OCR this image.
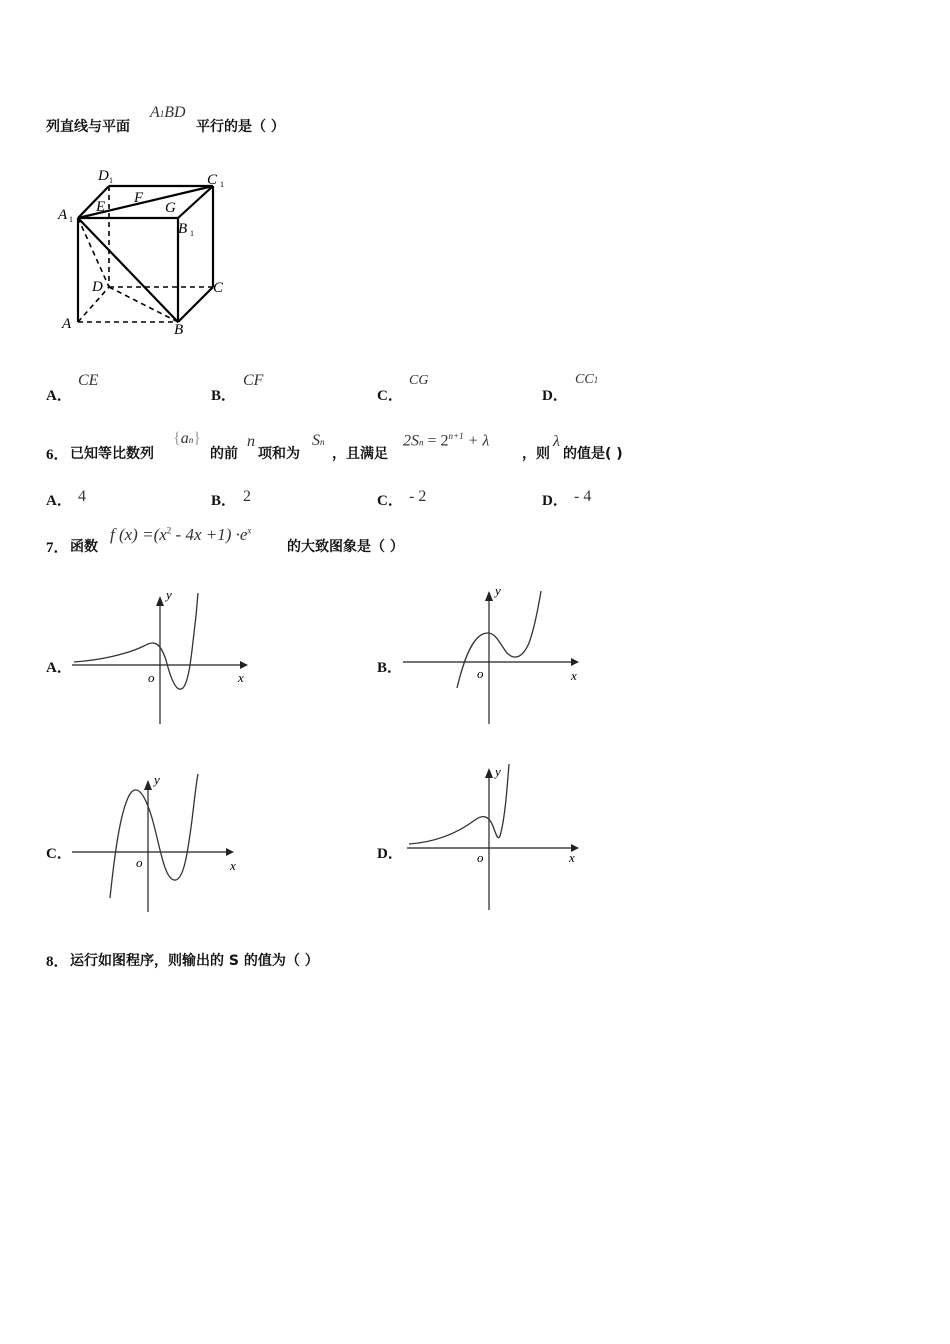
列直线与平面
A1BD
平行的是（ ）
D 1	C 1
A 1
B 1
E
F
G
D	C
A	B
A．
CE
B．
CF
C．
CG
D．
CC1
6． 已知等比数列
{an}
的前
n
项和为
Sn
，且满足
$2Sn = 2^{n+1} + \lambda$
，则
λ
的值是( )
A． 4	B． 2	C． - 2	D． - 4
7． 函数
f $(x) =(x^2 - 4x +1) \cdot e^x$
的大致图象是（ ）
A．
y
x
o
B．
y
x
o
C．
y
x
o
D．
y
x
o
8． 运行如图程序，则输出的 S 的值为（ ）
